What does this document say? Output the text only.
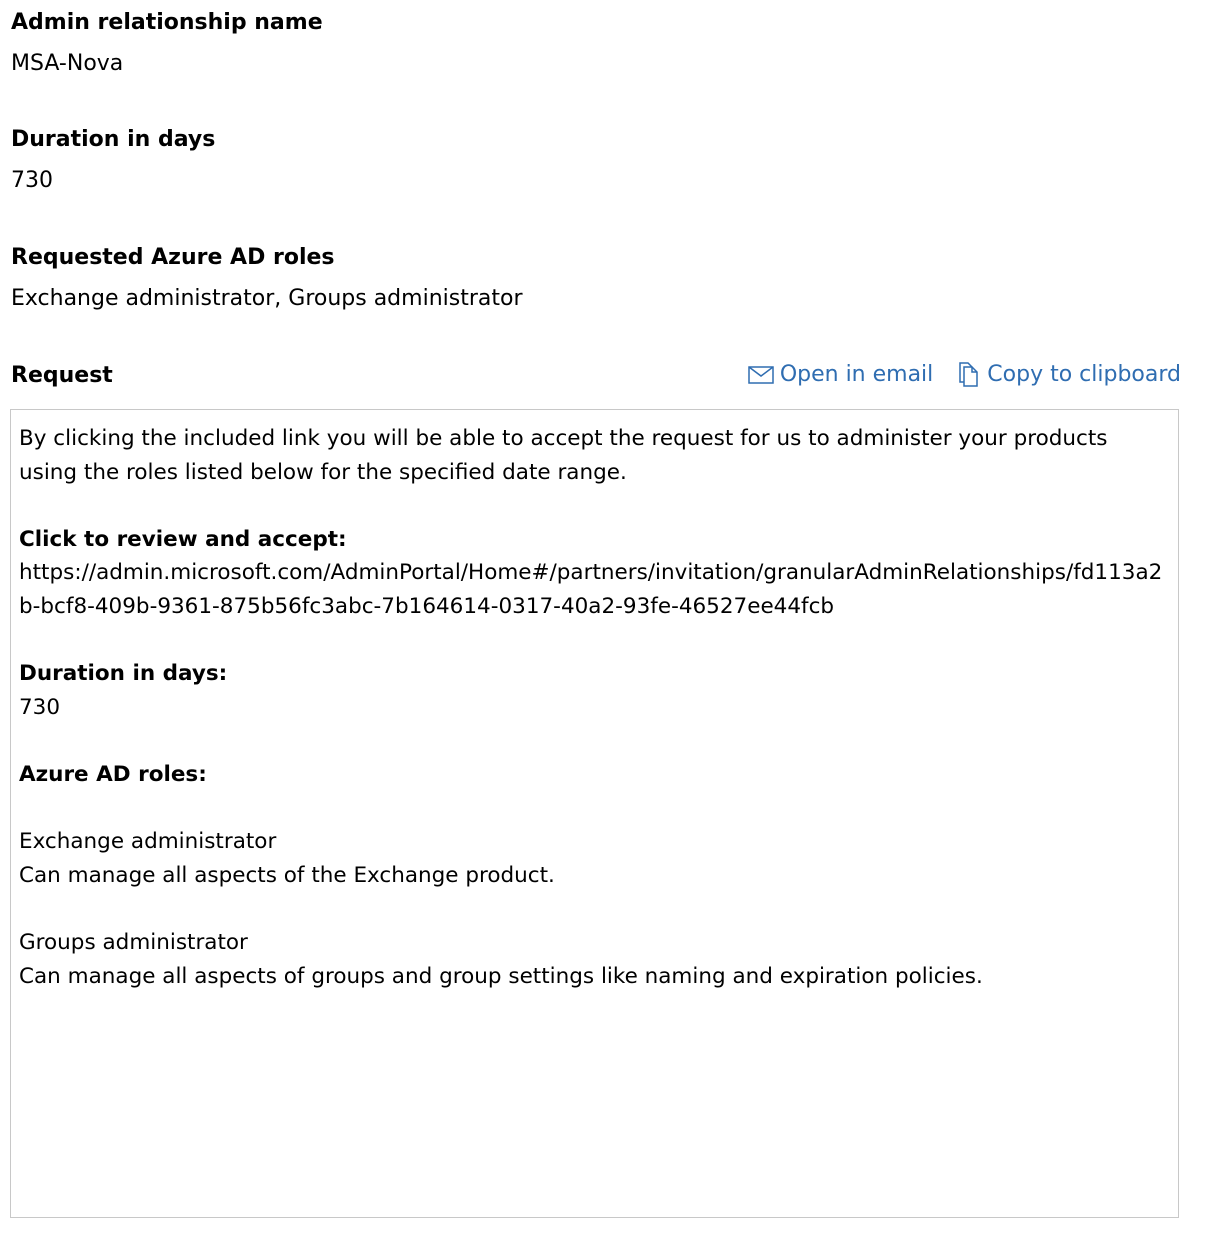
Admin relationship name
MSA-Nova
Duration in days
730
Requested Azure AD roles
Exchange administrator, Groups administrator
Request	Open in email Copy to clipboard
By clicking the included link you will be able to accept the request for us to administer your products
using the roles listed below for the specified date range.
Click to review and accept:
https://admin.microsoft.com/AdminPortal/Home#/partners/invitation/granularAdminRelationships/fd113a2b-bcf8-409b-9361-875b56fc3abc-7b164614-0317-40a2-93fe-46527ee44fcb
Duration in days:
730
Azure AD roles:
Exchange administrator
Can manage all aspects of the Exchange product.
Groups administrator
Can manage all aspects of groups and group settings like naming and expiration policies.
